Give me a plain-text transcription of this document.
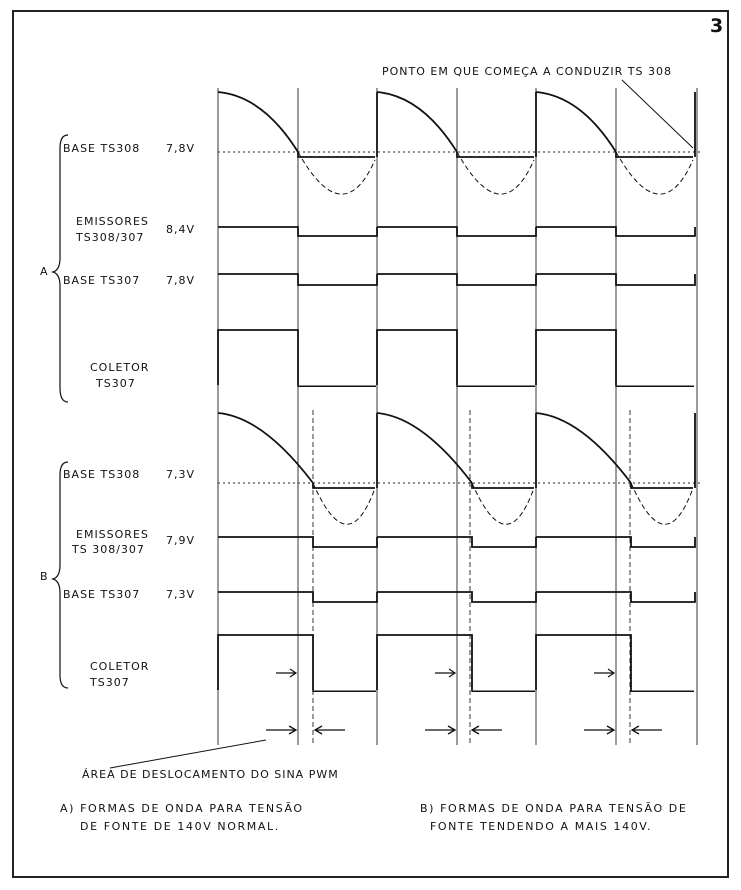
3
PONTO EM QUE COMEÇA A CONDUZIR TS 308
BASE TS308 7,8V
EMISSORES
TS308/307
8,4V
BASE TS307 7,8V
COLETOR
TS307
A
BASE TS308 7,3V
EMISSORES
TS 308/307
7,9V
BASE TS307 7,3V
COLETOR
TS307
B
ÁREA DE DESLOCAMENTO DO SINA PWM
A) FORMAS DE ONDA PARA TENSÃO
DE FONTE DE 140V NORMAL.
B) FORMAS DE ONDA PARA TENSÃO DE
FONTE TENDENDO A MAIS 140V.
